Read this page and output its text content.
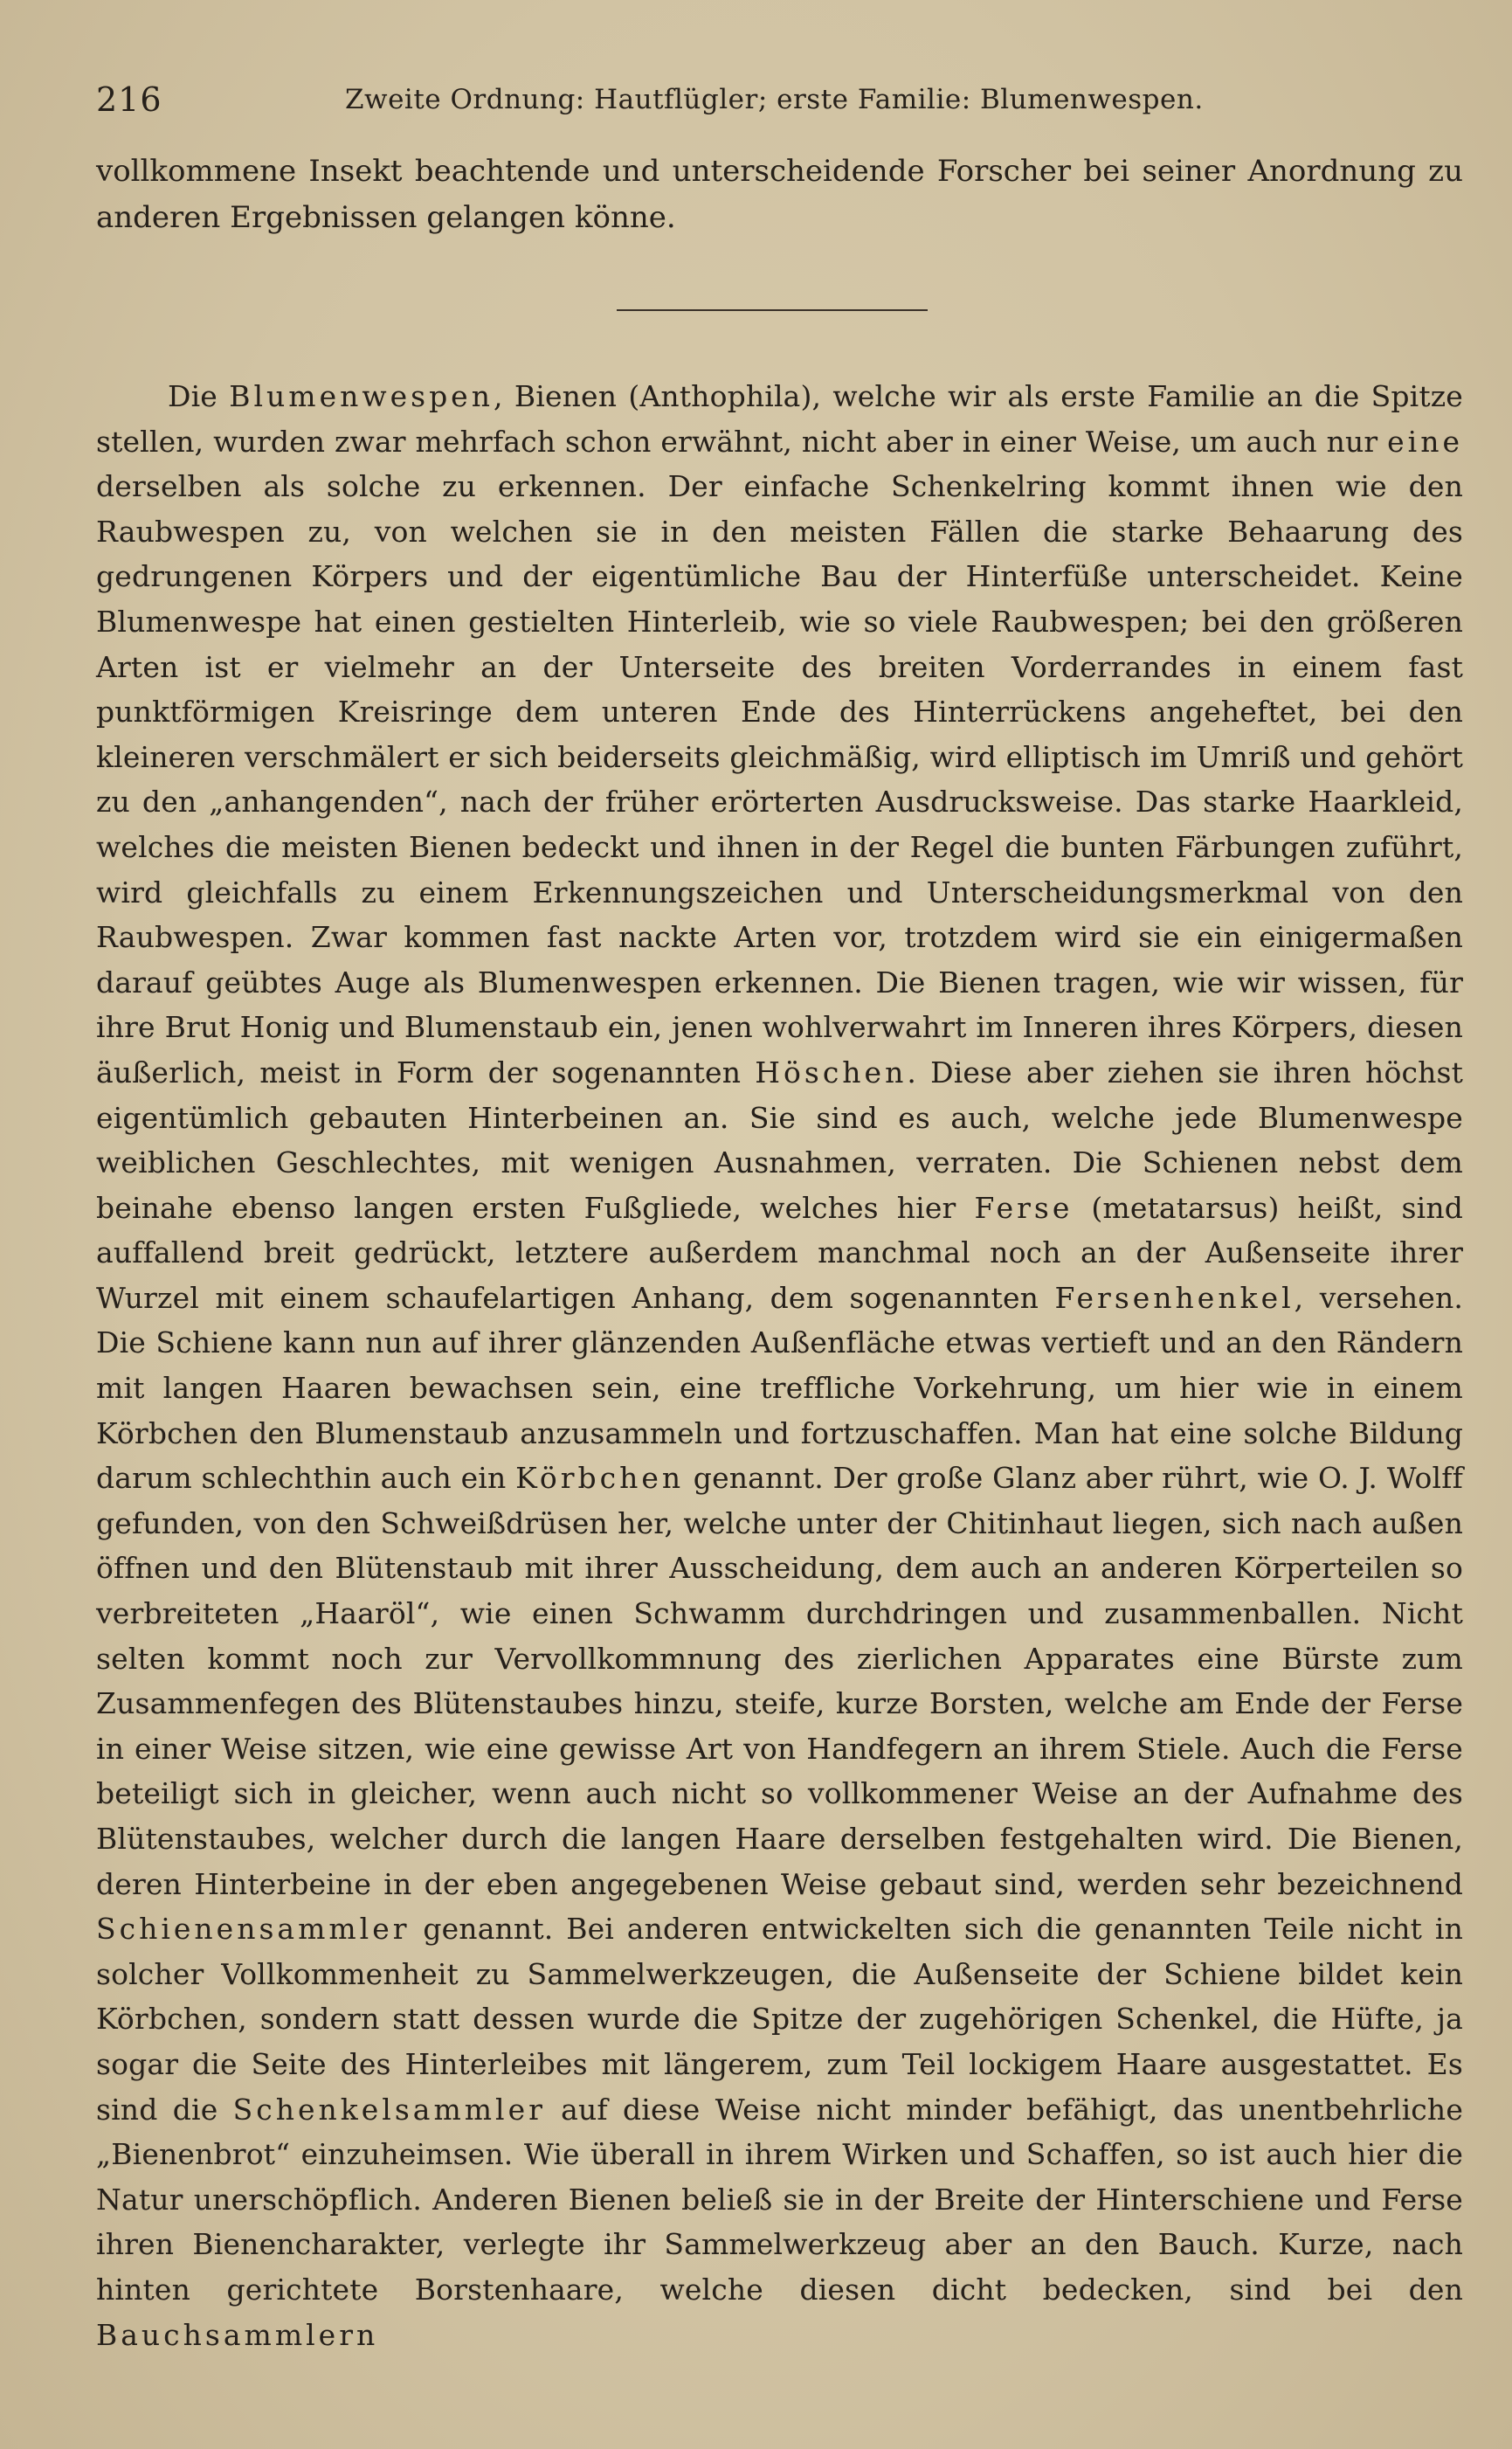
216	Zweite Ordnung: Hautflügler; erste Familie: Blumenwespen.

vollkommene Insekt beachtende und unterscheidende Forscher bei seiner Anordnung zu anderen Ergebnissen gelangen könne.

Die Blumenwespen, Bienen (Anthophila), welche wir als erste Familie an die Spitze stellen, wurden zwar mehrfach schon erwähnt, nicht aber in einer Weise, um auch nur eine derselben als solche zu erkennen. Der einfache Schenkelring kommt ihnen wie den Raubwespen zu, von welchen sie in den meisten Fällen die starke Behaarung des gedrungenen Körpers und der eigentümliche Bau der Hinterfüße unterscheidet. Keine Blumenwespe hat einen gestielten Hinterleib, wie so viele Raubwespen; bei den größeren Arten ist er vielmehr an der Unterseite des breiten Vorderrandes in einem fast punktförmigen Kreisringe dem unteren Ende des Hinterrückens angeheftet, bei den kleineren verschmälert er sich beiderseits gleichmäßig, wird elliptisch im Umriß und gehört zu den „anhangenden“, nach der früher erörterten Ausdrucksweise. Das starke Haarkleid, welches die meisten Bienen bedeckt und ihnen in der Regel die bunten Färbungen zuführt, wird gleichfalls zu einem Erkennungszeichen und Unterscheidungsmerkmal von den Raubwespen. Zwar kommen fast nackte Arten vor, trotzdem wird sie ein einigermaßen darauf geübtes Auge als Blumenwespen erkennen. Die Bienen tragen, wie wir wissen, für ihre Brut Honig und Blumenstaub ein, jenen wohlverwahrt im Inneren ihres Körpers, diesen äußerlich, meist in Form der sogenannten Höschen. Diese aber ziehen sie ihren höchst eigentümlich gebauten Hinterbeinen an. Sie sind es auch, welche jede Blumenwespe weiblichen Geschlechtes, mit wenigen Ausnahmen, verraten. Die Schienen nebst dem beinahe ebenso langen ersten Fußgliede, welches hier Ferse (metatarsus) heißt, sind auffallend breit gedrückt, letztere außerdem manchmal noch an der Außenseite ihrer Wurzel mit einem schaufelartigen Anhang, dem sogenannten Fersenhenkel, versehen. Die Schiene kann nun auf ihrer glänzenden Außenfläche etwas vertieft und an den Rändern mit langen Haaren bewachsen sein, eine treffliche Vorkehrung, um hier wie in einem Körbchen den Blumenstaub anzusammeln und fortzuschaffen. Man hat eine solche Bildung darum schlechthin auch ein Körbchen genannt. Der große Glanz aber rührt, wie O. J. Wolff gefunden, von den Schweißdrüsen her, welche unter der Chitinhaut liegen, sich nach außen öffnen und den Blütenstaub mit ihrer Ausscheidung, dem auch an anderen Körperteilen so verbreiteten „Haaröl“, wie einen Schwamm durchdringen und zusammenballen. Nicht selten kommt noch zur Vervollkommnung des zierlichen Apparates eine Bürste zum Zusammenfegen des Blütenstaubes hinzu, steife, kurze Borsten, welche am Ende der Ferse in einer Weise sitzen, wie eine gewisse Art von Handfegern an ihrem Stiele. Auch die Ferse beteiligt sich in gleicher, wenn auch nicht so vollkommener Weise an der Aufnahme des Blütenstaubes, welcher durch die langen Haare derselben festgehalten wird. Die Bienen, deren Hinterbeine in der eben angegebenen Weise gebaut sind, werden sehr bezeichnend Schienensammler genannt. Bei anderen entwickelten sich die genannten Teile nicht in solcher Vollkommenheit zu Sammelwerkzeugen, die Außenseite der Schiene bildet kein Körbchen, sondern statt dessen wurde die Spitze der zugehörigen Schenkel, die Hüfte, ja sogar die Seite des Hinterleibes mit längerem, zum Teil lockigem Haare ausgestattet. Es sind die Schenkelsammler auf diese Weise nicht minder befähigt, das unentbehrliche „Bienenbrot“ einzuheimsen. Wie überall in ihrem Wirken und Schaffen, so ist auch hier die Natur unerschöpflich. Anderen Bienen beließ sie in der Breite der Hinterschiene und Ferse ihren Bienencharakter, verlegte ihr Sammelwerkzeug aber an den Bauch. Kurze, nach hinten gerichtete Borstenhaare, welche diesen dicht bedecken, sind bei den Bauchsammlern
